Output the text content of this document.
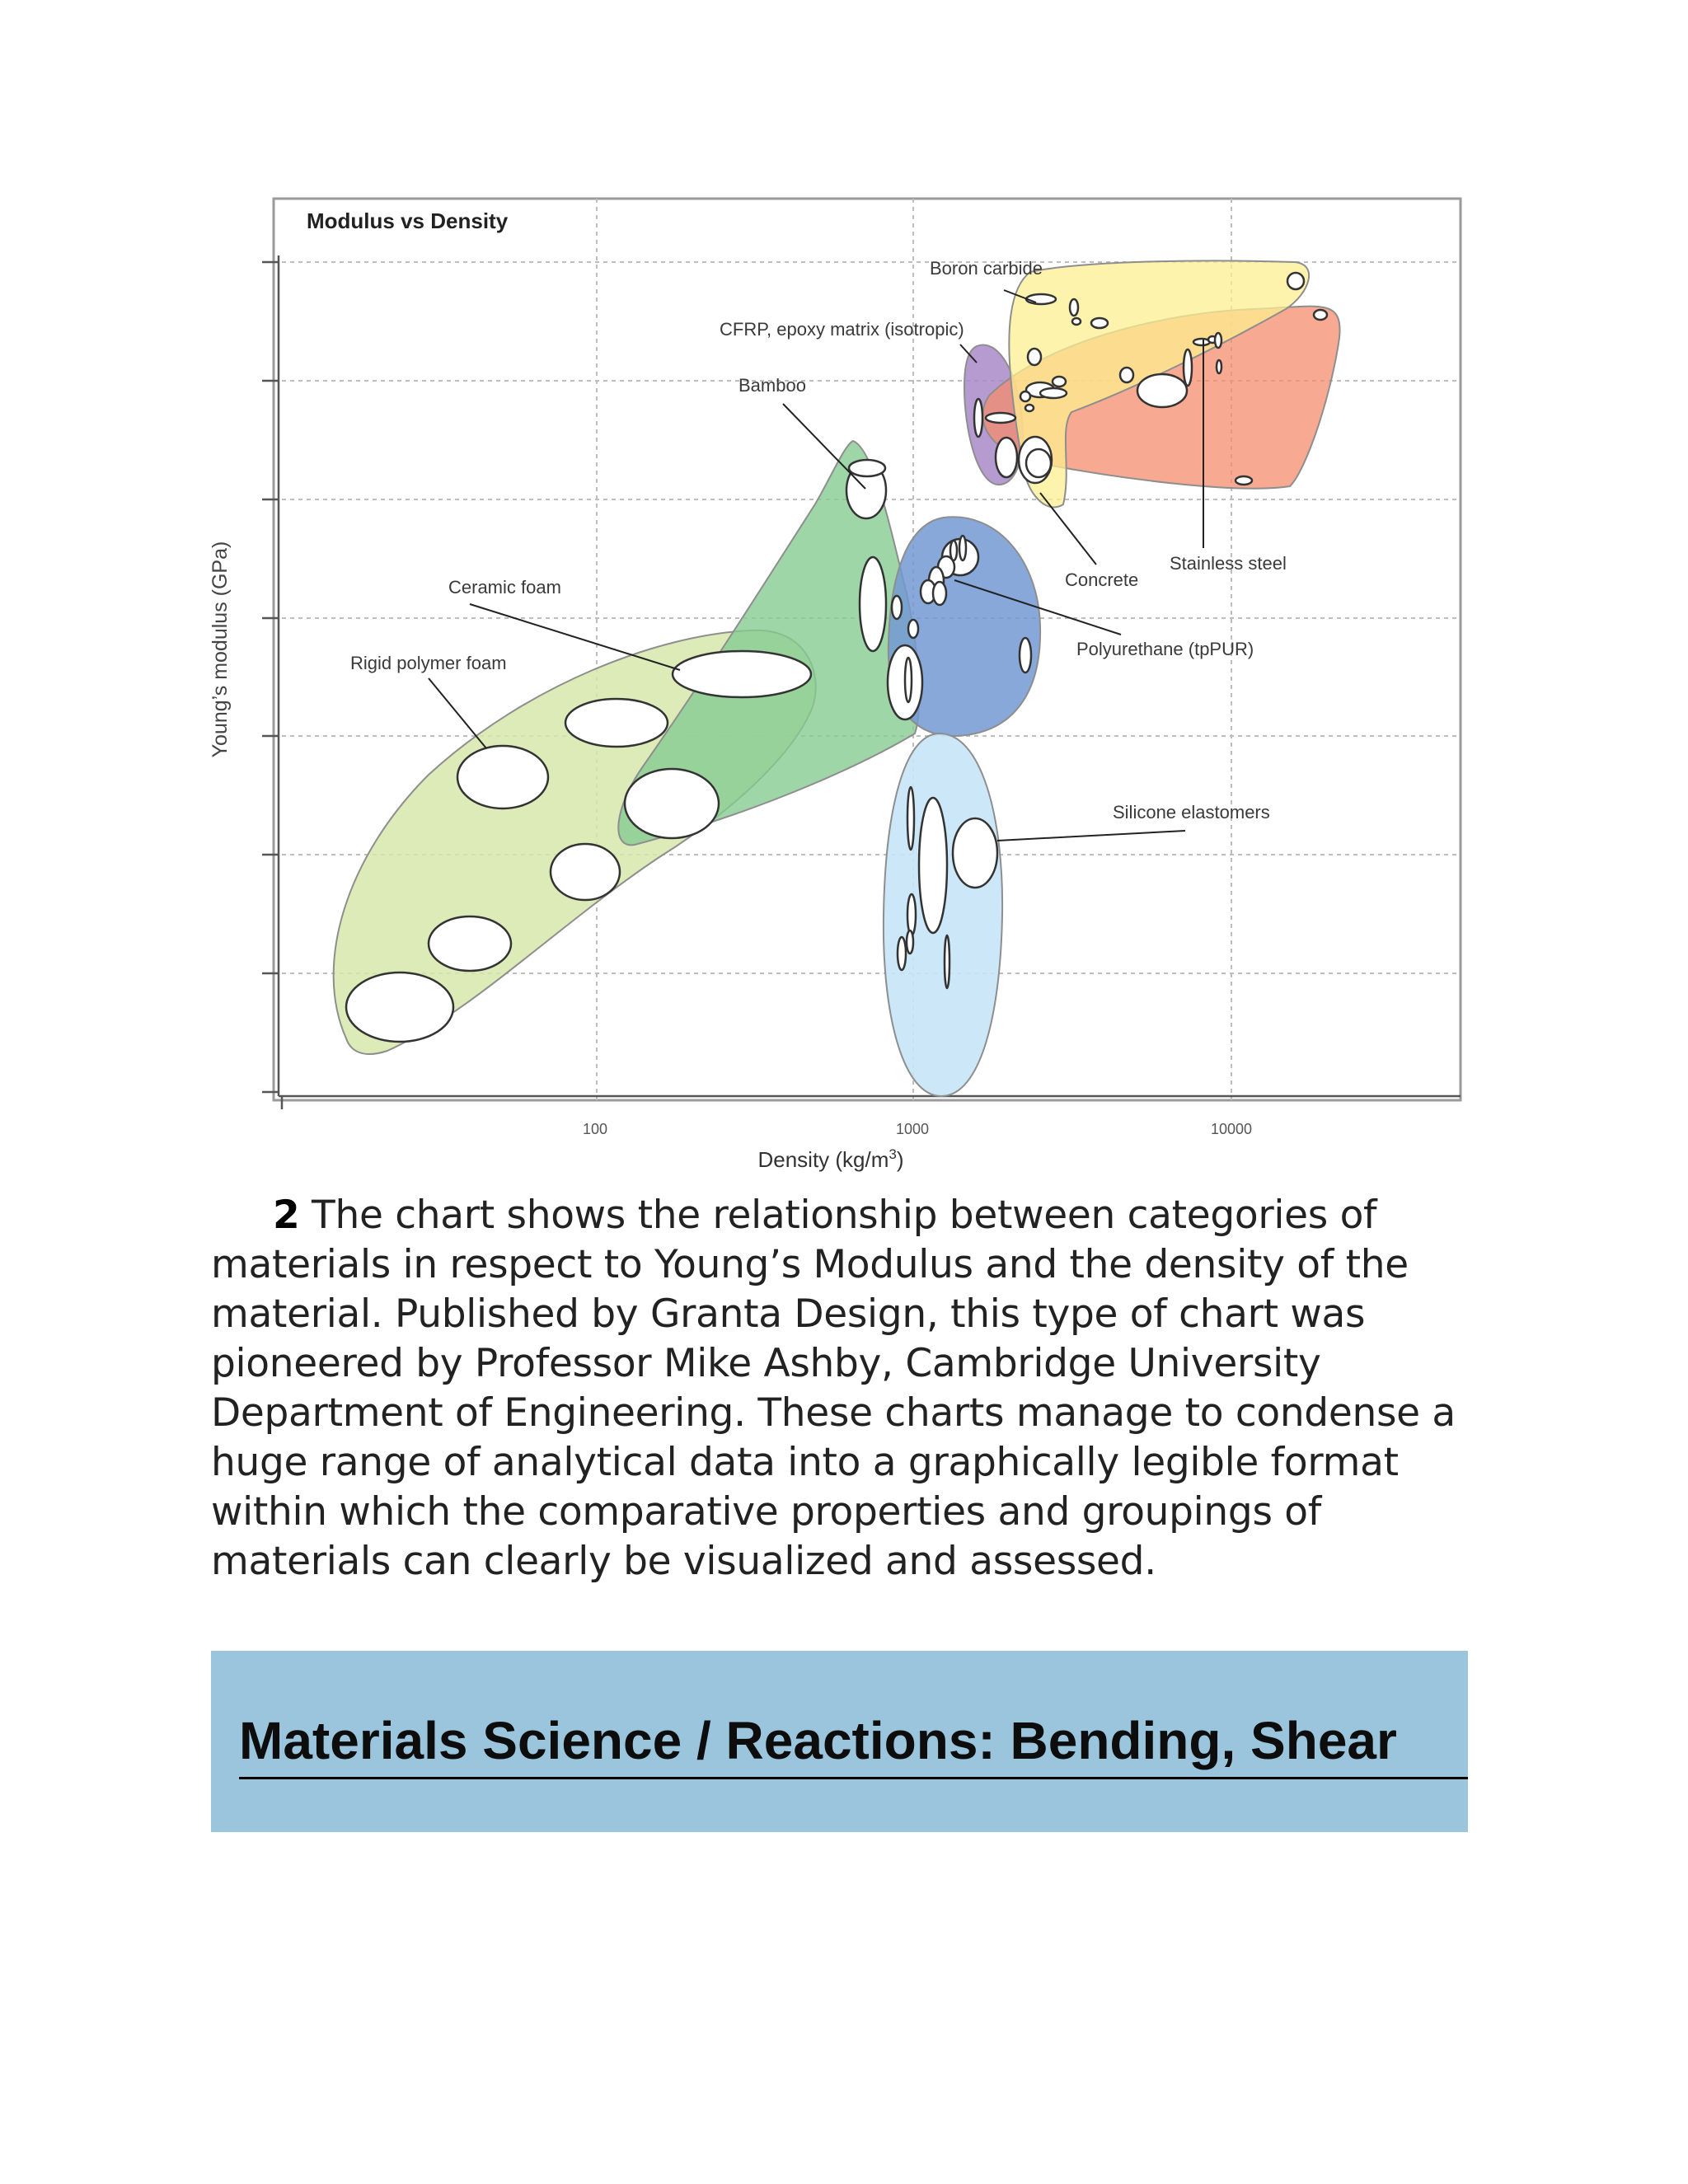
Modulus vs Density
Boron carbide
CFRP, epoxy matrix (isotropic)
Bamboo
Ceramic foam
Rigid polymer foam
Concrete
Stainless steel
Polyurethane (tpPUR)
Silicone elastomers
100	1000	10000
Density $(kg/m^3)$
Young’s modulus (GPa)

2 The chart shows the relationship between categories of materials in respect to Young’s Modulus and the density of the material. Published by Granta Design, this type of chart was pioneered by Professor Mike Ashby, Cambridge University Department of Engineering. These charts manage to condense a huge range of analytical data into a graphically legible format within which the comparative properties and groupings of materials can clearly be visualized and assessed.

Materials Science / Reactions: Bending, Shear
